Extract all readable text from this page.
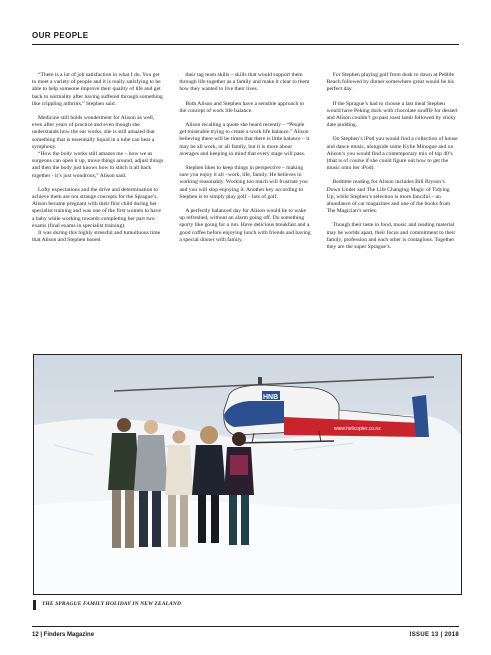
OUR PEOPLE

“There is a lot of job satisfaction in what I do. You get to meet a variety of people and it is really satisfying to be able to help someone improve their quality of life and get back to normality after having suffered through something like crippling arthritis,” Stephen said.

Medicine still holds wonderment for Alison as well, even after years of practice and even though she understands how the ear works, she is still amazed that something that is essentially liquid in a tube can hear a symphony.

“How the body works still amazes me – how we as surgeons can open it up, move things around, adjust things and then the body just knows how to stitch it all back together - it’s just wondrous,” Alison said.

Lofty expectations and the drive and determination to achieve them are not strange concepts for the Sprague’s. Alison became pregnant with their first child during her specialist training and was one of the first women to have a baby while working towards completing her part two exams (final exams in specialist training).

It was during this highly stressful and tumultuous time that Alison and Stephen honed

their tag team skills – skills that would support them through life together as a family and make it clear to them how they wanted to live their lives.

Both Alison and Stephen have a sensible approach to the concept of work life balance.

Alison recalling a quote she heard recently – “People get miserable trying to create a work life balance.” Alison believing there will be times that there is little balance – it may be all work, or all family, but it is more about averages and keeping in mind that every stage will pass.

Stephen likes to keep things in perspective – making sure you enjoy it all –work, life, family. He believes in working reasonably. Working too much will frustrate you and you will stop enjoying it. Another key according to Stephen is to simply play golf – lots of golf.

A perfectly balanced day for Alison would be to wake up refreshed, without an alarm going off. Do something sporty like going for a run. Have delicious breakfast and a good coffee before enjoying lunch with friends and having a special dinner with family.

For Stephen playing golf from dusk to dawn at Pebble Beach followed by dinner somewhere great would be his perfect day.

If the Sprague’s had to choose a last meal Stephen would have Peking duck with chocolate soufflé for dessert and Alison couldn’t go past roast lamb followed by sticky date pudding.

On Stephen’s iPod you would find a collection of house and dance music, alongside some Kylie Minogue and on Alison’s you would find a contemporary mix of top 40’s (that is of course if she could figure out how to get the music onto her iPod).

Bedtime reading for Alison includes Bill Bryson’s Down Under and The Life Changing Magic of Tidying Up, while Stephen’s selection is more fanciful – an abundance of car magazines and one of the books from The Magician’s series.

Though their taste in food, music and reading material may be worlds apart, their focus and commitment to their family, profession and each other is contagious. Together they are the super Sprague’s.

HNB
www.helicopter.co.nz
THE SPRAGUE FAMILY HOLIDAY IN NEW ZEALAND
12 | Finders Magazine	ISSUE 13 | 2018
